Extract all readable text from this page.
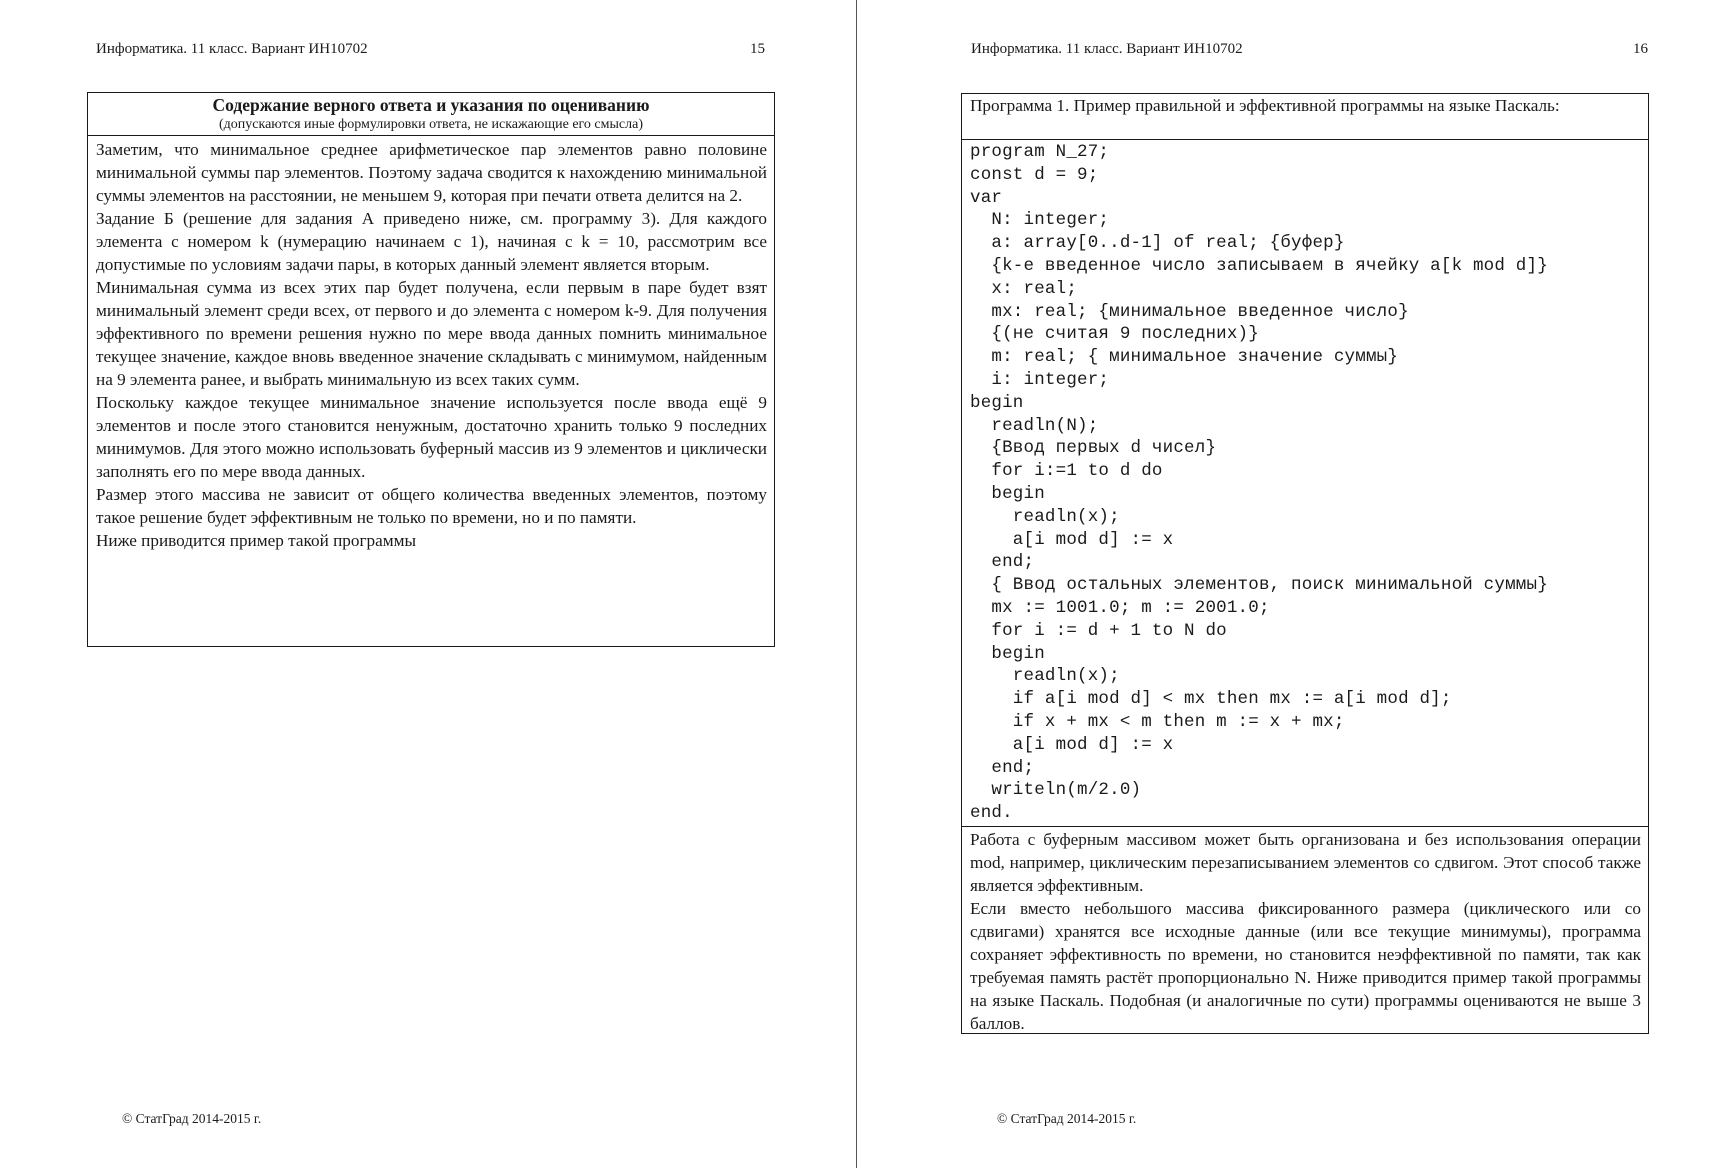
Информатика. 11 класс. Вариант ИН10702	15
Содержание верного ответа и указания по оцениванию
(допускаются иные формулировки ответа, не искажающие его смысла)

Заметим, что минимальное среднее арифметическое пар элементов равно половине минимальной суммы пар элементов. Поэтому задача сводится к нахождению минимальной суммы элементов на расстоянии, не меньшем 9, которая при печати ответа делится на 2.

Задание Б (решение для задания А приведено ниже, см. программу 3). Для каждого элемента с номером k (нумерацию начинаем с 1), начиная с k = 10, рассмотрим все допустимые по условиям задачи пары, в которых данный элемент является вторым.

Минимальная сумма из всех этих пар будет получена, если первым в паре будет взят минимальный элемент среди всех, от первого и до элемента с номером k-9. Для получения эффективного по времени решения нужно по мере ввода данных помнить минимальное текущее значение, каждое вновь введенное значение складывать с минимумом, найденным на 9 элемента ранее, и выбрать минимальную из всех таких сумм.

Поскольку каждое текущее минимальное значение используется после ввода ещё 9 элементов и после этого становится ненужным, достаточно хранить только 9 последних минимумов. Для этого можно использовать буферный массив из 9 элементов и циклически заполнять его по мере ввода данных.

Размер этого массива не зависит от общего количества введенных элементов, поэтому такое решение будет эффективным не только по времени, но и по памяти.

Ниже приводится пример такой программы

© СтатГрад 2014-2015 г.
Информатика. 11 класс. Вариант ИН10702	16
Программа 1. Пример правильной и эффективной программы на языке Паскаль:
program N_27;
const d = 9;
var
N: integer;
a: array[0..d-1] of real; {буфер}
{k-е введенное число записываем в ячейку a[k mod d]}
x: real;
mx: real; {минимальное введенное число}
{(не считая 9 последних)}
m: real; { минимальное значение суммы}
i: integer;
begin
readln(N);
{Ввод первых d чисел}
for i:=1 to d do
begin
readln(x);
a[i mod d] := x
end;
{ Ввод остальных элементов, поиск минимальной суммы}
mx := 1001.0; m := 2001.0;
for i := d + 1 to N do
begin
readln(x);
if a[i mod d] < mx then mx := a[i mod d];
if x + mx < m then m := x + mx;
a[i mod d] := x
end;
writeln(m/2.0)
end.

Работа с буферным массивом может быть организована и без использования операции mod, например, циклическим перезаписыванием элементов со сдвигом. Этот способ также является эффективным.

Если вместо небольшого массива фиксированного размера (циклического или со сдвигами) хранятся все исходные данные (или все текущие минимумы), программа сохраняет эффективность по времени, но становится неэффективной по памяти, так как требуемая память растёт пропорционально N. Ниже приводится пример такой программы на языке Паскаль. Подобная (и аналогичные по сути) программы оцениваются не выше 3 баллов.

© СтатГрад 2014-2015 г.
